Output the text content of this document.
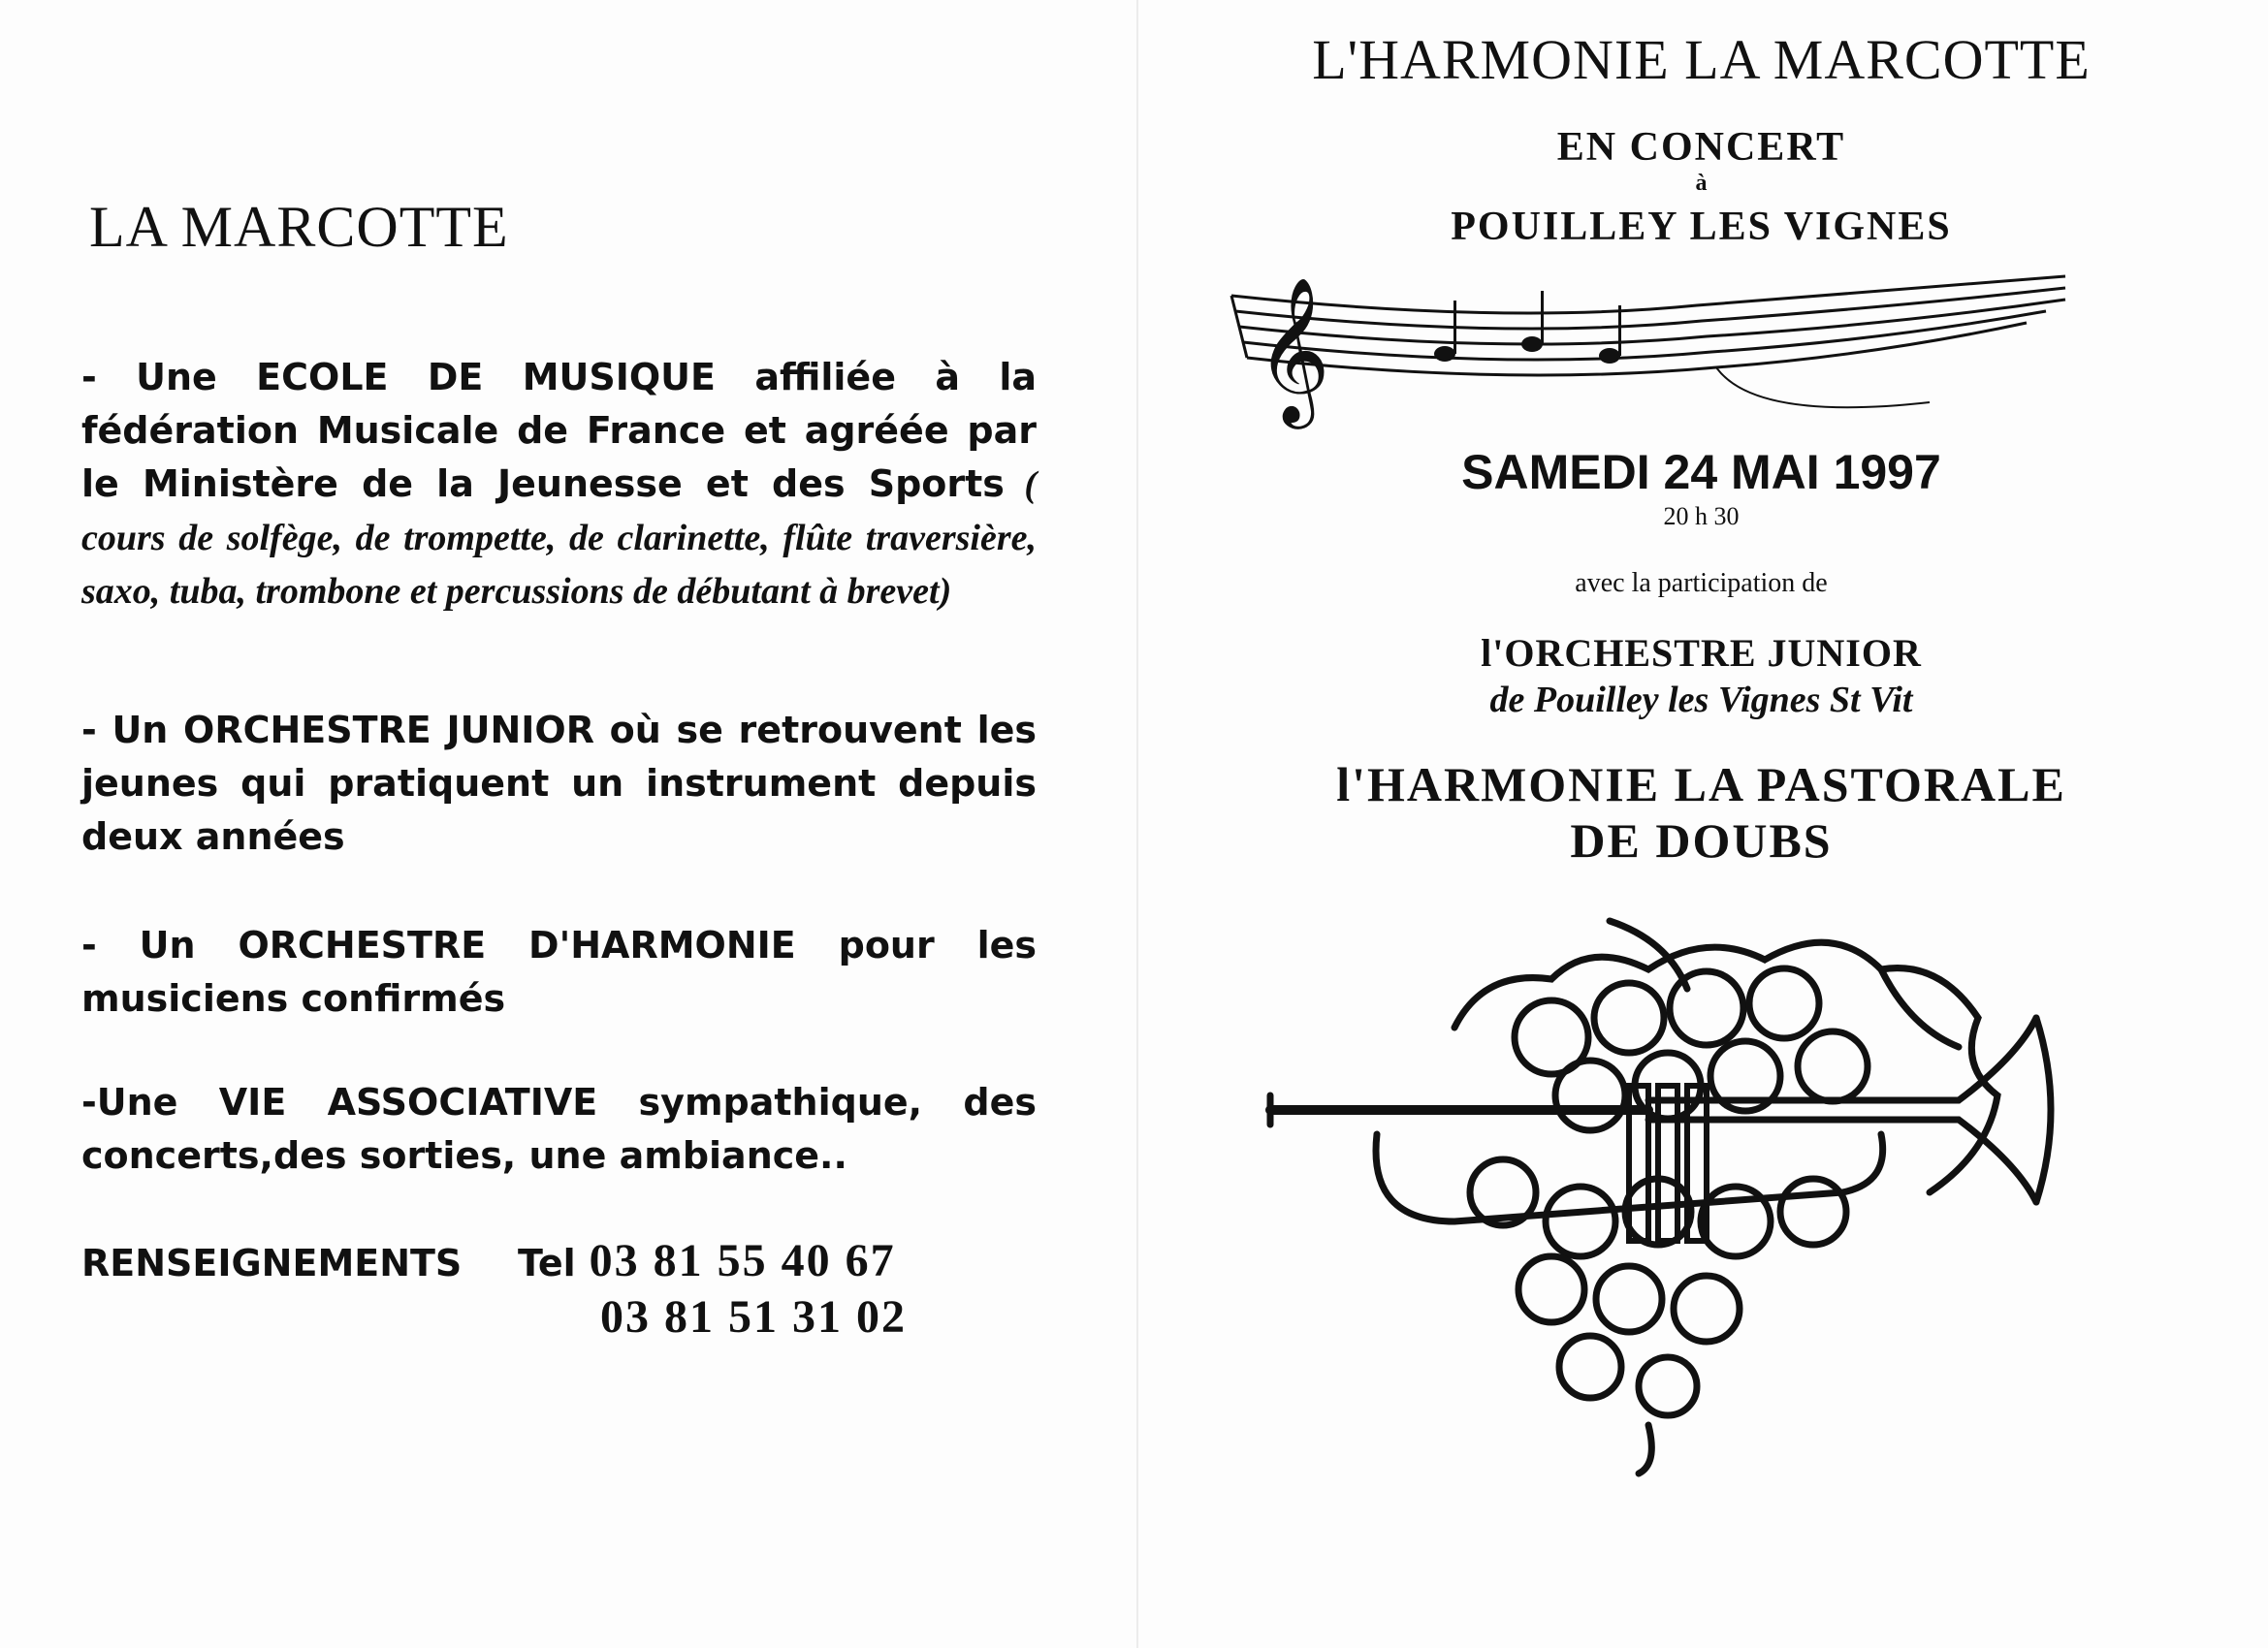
LA MARCOTTE
- Une ECOLE DE MUSIQUE affiliée à la fédération Musicale de France et agréée par le Ministère de la Jeunesse et des Sports ( cours de solfège, de trompette, de clarinette, flûte traversière, saxo, tuba, trombone et percussions de débutant à brevet)
- Un ORCHESTRE JUNIOR où se retrouvent les jeunes qui pratiquent un instrument depuis deux années
- Un ORCHESTRE D'HARMONIE pour les musiciens confirmés
-Une VIE ASSOCIATIVE sympathique, des concerts,des sorties, une ambiance..
RENSEIGNEMENTS Tel 03 81 55 40 67
03 81 51 31 02
L'HARMONIE LA MARCOTTE
EN CONCERT
à
POUILLEY LES VIGNES
𝄞
SAMEDI 24 MAI 1997
20 h 30
avec la participation de
l'ORCHESTRE JUNIOR
de Pouilley les Vignes St Vit
l'HARMONIE LA PASTORALE
DE DOUBS
